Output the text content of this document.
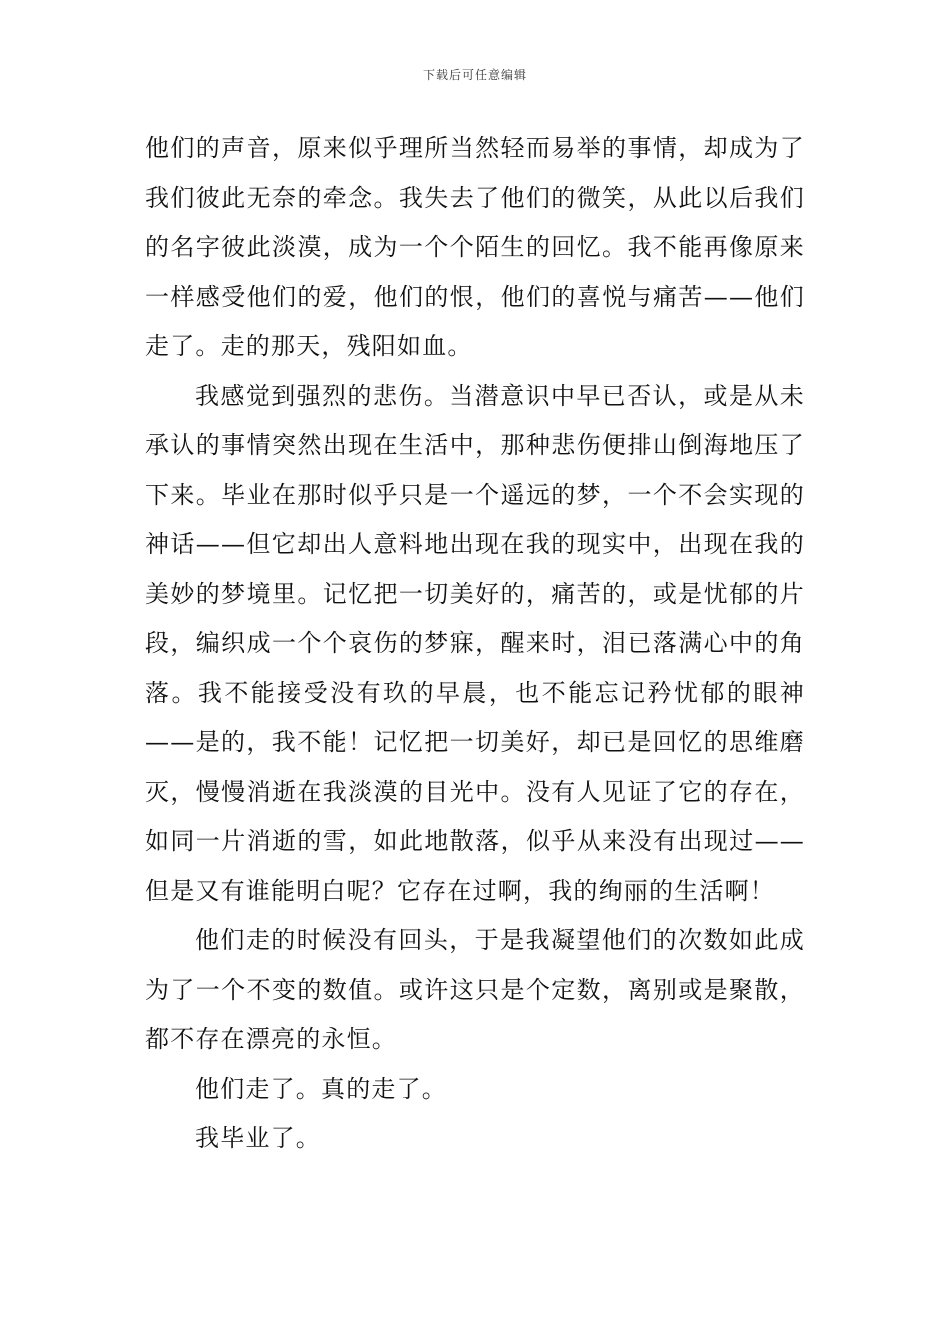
下载后可任意编辑

他们的声音，原来似乎理所当然轻而易举的事情，却成为了我们彼此无奈的牵念。我失去了他们的微笑，从此以后我们的名字彼此淡漠，成为一个个陌生的回忆。我不能再像原来一样感受他们的爱，他们的恨，他们的喜悦与痛苦——他们走了。走的那天，残阳如血。

我感觉到强烈的悲伤。当潜意识中早已否认，或是从未承认的事情突然出现在生活中，那种悲伤便排山倒海地压了下来。毕业在那时似乎只是一个遥远的梦，一个不会实现的神话——但它却出人意料地出现在我的现实中，出现在我的美妙的梦境里。记忆把一切美好的，痛苦的，或是忧郁的片段，编织成一个个哀伤的梦寐，醒来时，泪已落满心中的角落。我不能接受没有玖的早晨，也不能忘记矜忧郁的眼神——是的，我不能！记忆把一切美好，却已是回忆的思维磨灭，慢慢消逝在我淡漠的目光中。没有人见证了它的存在，如同一片消逝的雪，如此地散落，似乎从来没有出现过——但是又有谁能明白呢？它存在过啊，我的绚丽的生活啊！

他们走的时候没有回头，于是我凝望他们的次数如此成为了一个不变的数值。或许这只是个定数，离别或是聚散，都不存在漂亮的永恒。

他们走了。真的走了。

我毕业了。
